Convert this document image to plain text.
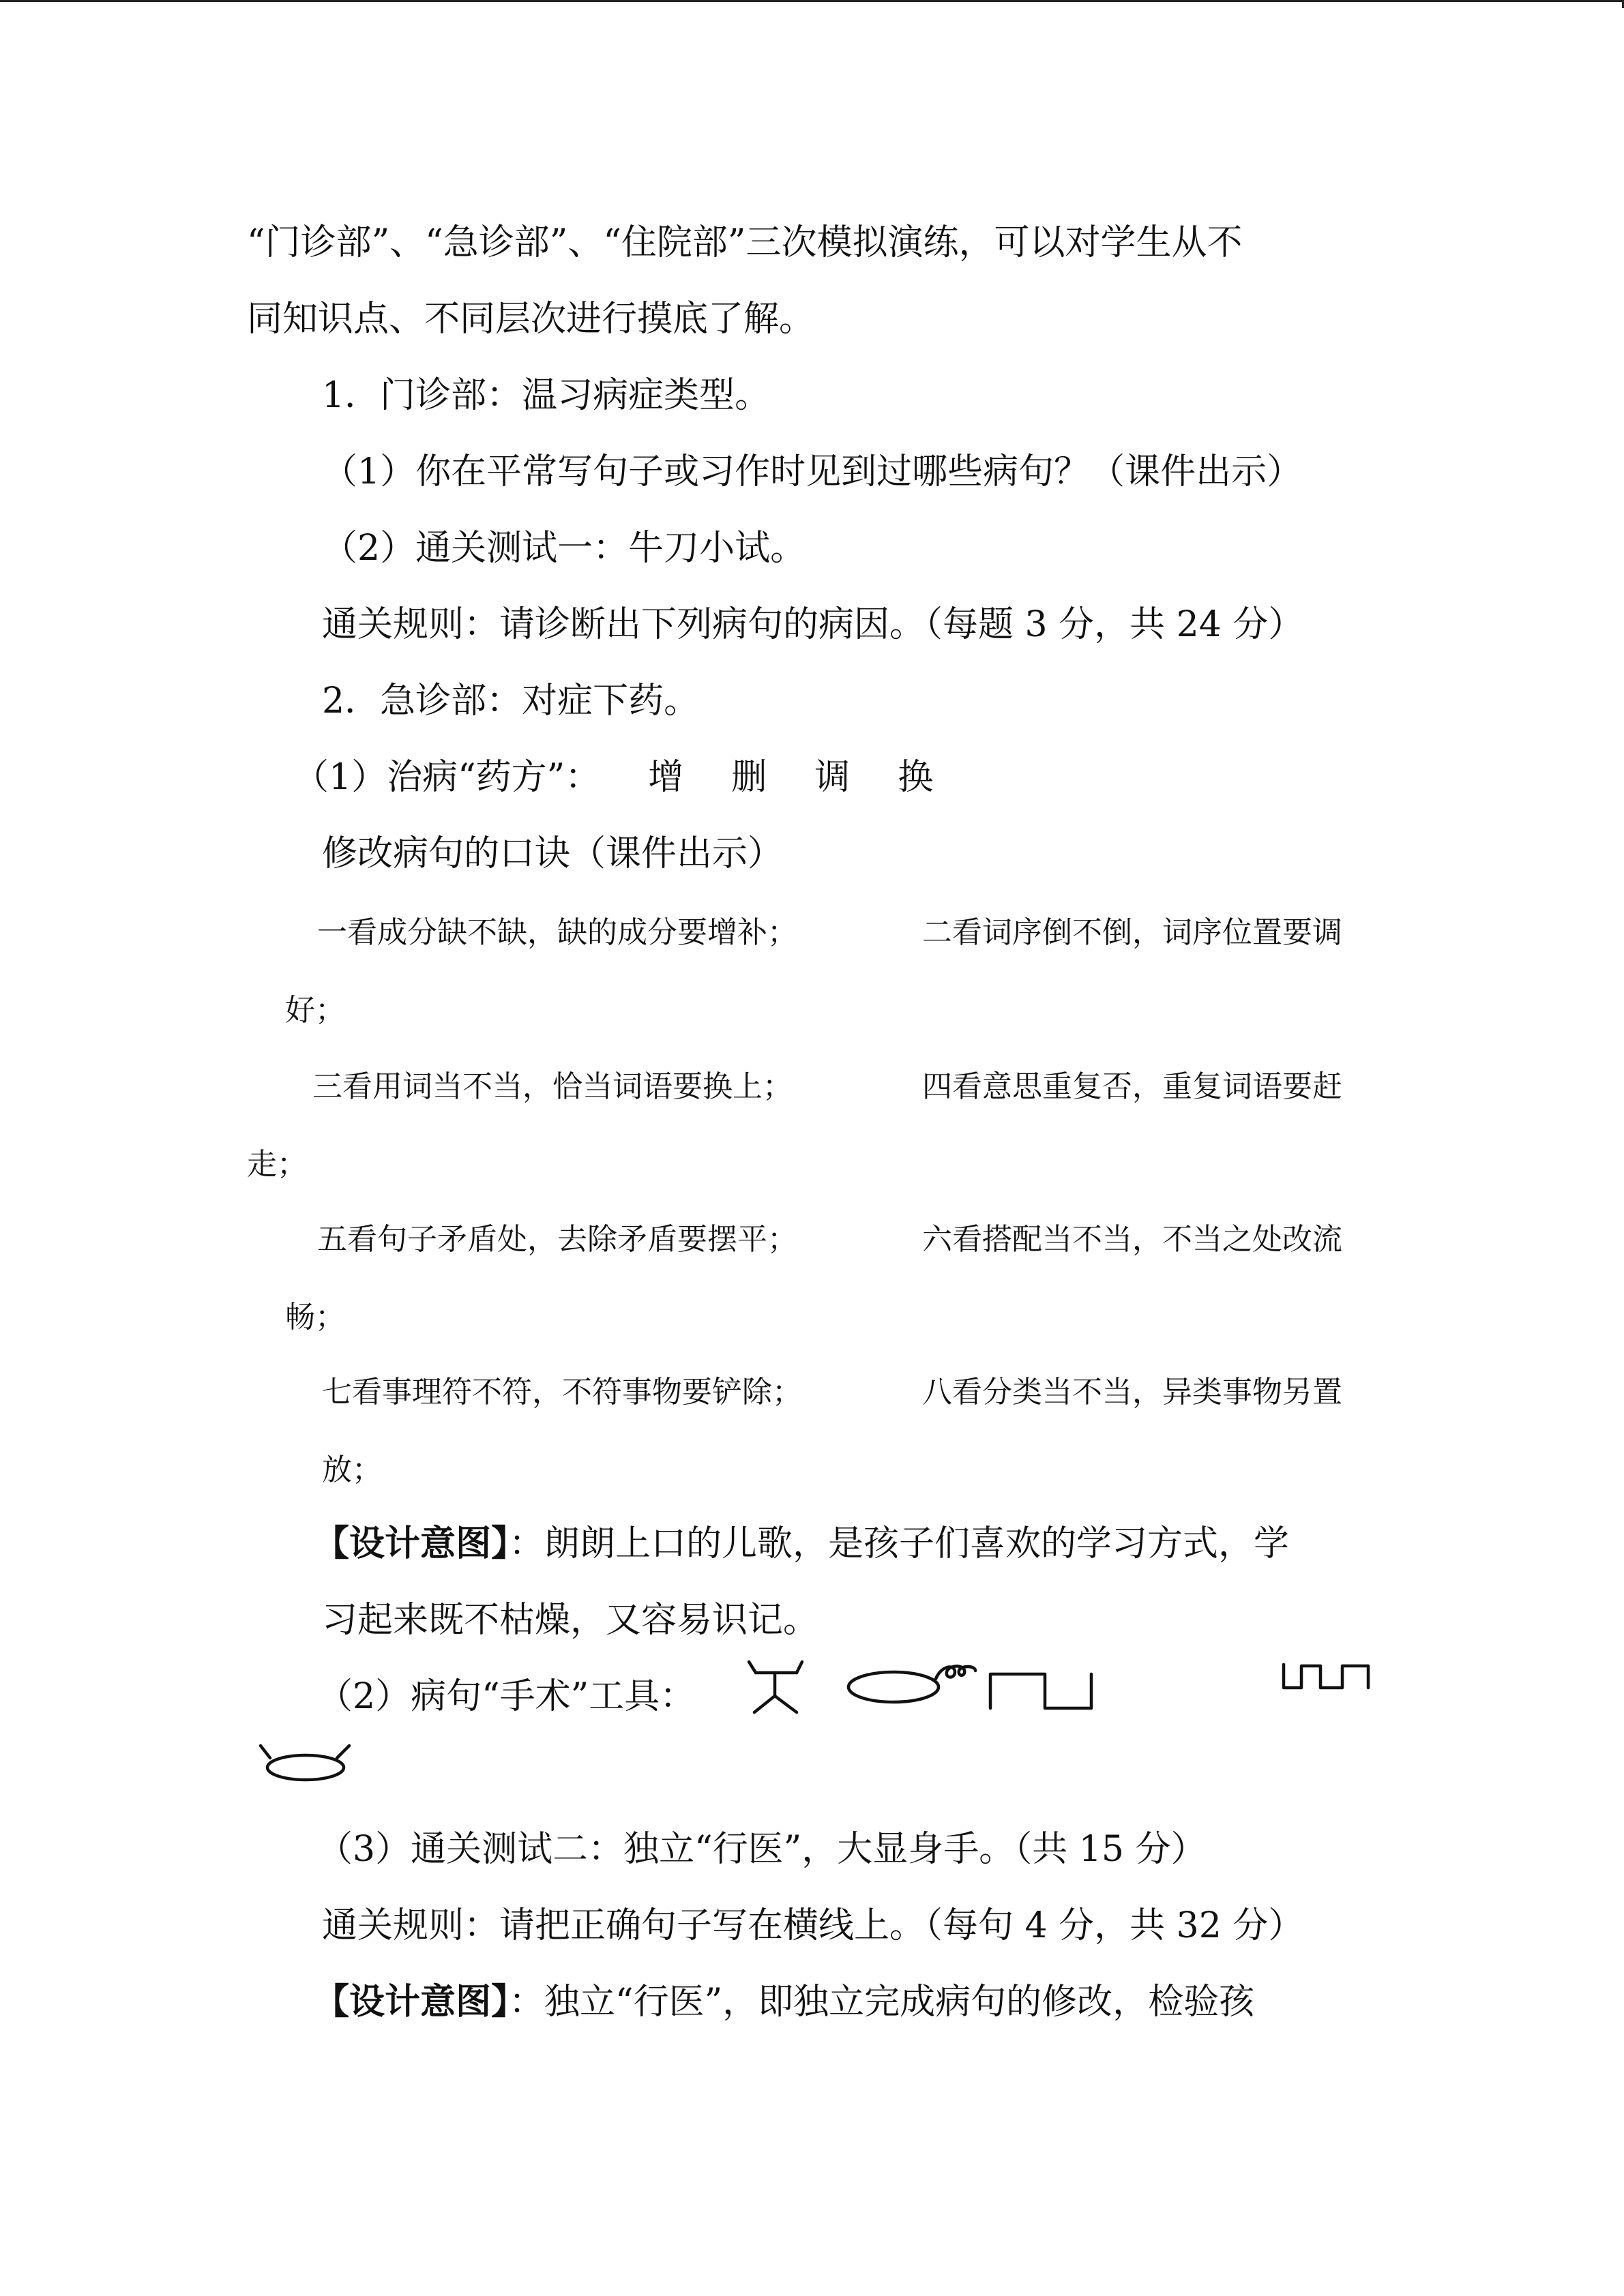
“门诊部”、“急诊部”、“住院部”三次模拟演练，可以对学生从不
同知识点、不同层次进行摸底了解。
1．门诊部：温习病症类型。
（1）你在平常写句子或习作时见到过哪些病句？（课件出示）
（2）通关测试一：牛刀小试。
通关规则：请诊断出下列病句的病因。（每题 3 分，共 24 分）
2．急诊部：对症下药。
（1）治病“药方”： 增 删 调 换
修改病句的口诀（课件出示）
一看成分缺不缺，缺的成分要增补；	二看词序倒不倒，词序位置要调
好；
三看用词当不当，恰当词语要换上；	四看意思重复否，重复词语要赶
走；
五看句子矛盾处，去除矛盾要摆平；	六看搭配当不当，不当之处改流
畅；
七看事理符不符，不符事物要铲除；	八看分类当不当，异类事物另置
放；
【设计意图】：朗朗上口的儿歌，是孩子们喜欢的学习方式，学
习起来既不枯燥，又容易识记。
（2）病句“手术”工具：
（3）通关测试二：独立“行医”，大显身手。（共 15 分）
通关规则：请把正确句子写在横线上。（每句 4 分，共 32 分）
【设计意图】：独立“行医”，即独立完成病句的修改，检验孩
